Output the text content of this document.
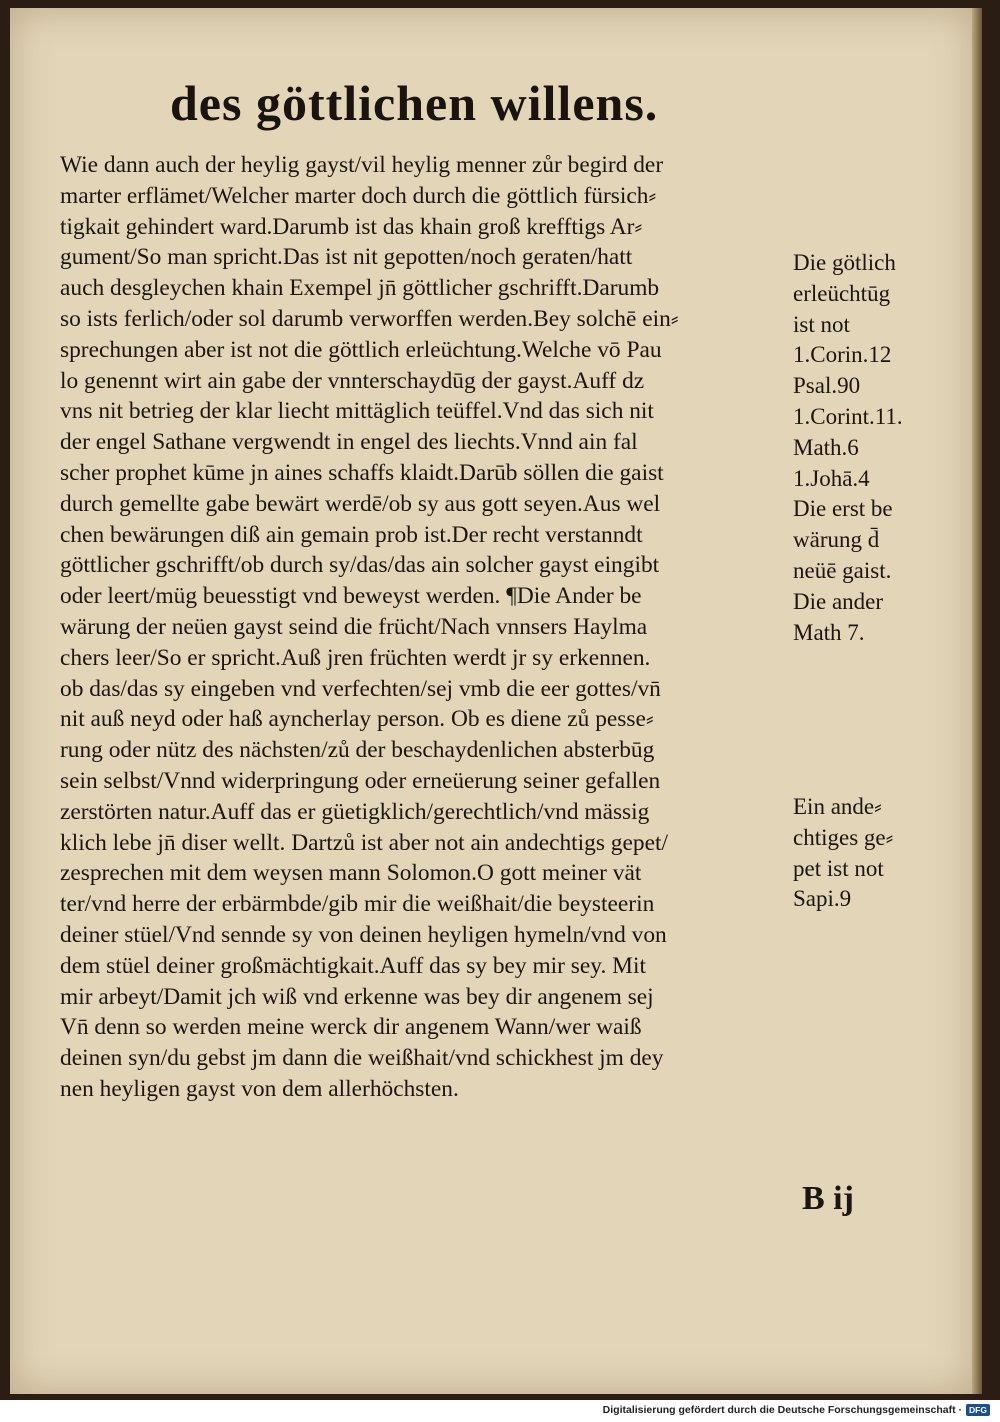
des göttlichen willens.
Wie dann auch der heylig gayst/vil heylig menner zůr begird der
marter erflämet/Welcher marter doch durch die göttlich fürsich⸗
tigkait gehindert ward.Darumb ist das khain groß krefftigs Ar⸗
gument/So man spricht.Das ist nit gepotten/noch geraten/hatt
auch desgleychen khain Exempel jn̄ göttlicher gschrifft.Darumb
so ists ferlich/oder sol darumb verworffen werden.Bey solchē ein⸗
sprechungen aber ist not die göttlich erleüchtung.Welche vō Pau
lo genennt wirt ain gabe der vnnterschaydūg der gayst.Auff dz
vns nit betrieg der klar liecht mittäglich teüffel.Vnd das sich nit
der engel Sathane vergwendt in engel des liechts.Vnnd ain fal
scher prophet kūme jn aines schaffs klaidt.Darūb söllen die gaist
durch gemellte gabe bewärt werdē/ob sy aus gott seyen.Aus wel
chen bewärungen diß ain gemain prob ist.Der recht verstanndt
göttlicher gschrifft/ob durch sy/das/das ain solcher gayst eingibt
oder leert/müg beuesstigt vnd beweyst werden. ¶Die Ander be
wärung der neüen gayst seind die frücht/Nach vnnsers Haylma
chers leer/So er spricht.Auß jren früchten werdt jr sy erkennen.
ob das/das sy eingeben vnd verfechten/sej vmb die eer gottes/vn̄
nit auß neyd oder haß ayncherlay person. Ob es diene zů pesse⸗
rung oder nütz des nächsten/zů der beschaydenlichen absterbūg
sein selbst/Vnnd widerpringung oder erneüerung seiner gefallen
zerstörten natur.Auff das er güetigklich/gerechtlich/vnd mässig
klich lebe jn̄ diser wellt. Dartzů ist aber not ain andechtigs gepet/
zesprechen mit dem weysen mann Solomon.O gott meiner vät
ter/vnd herre der erbärmbde/gib mir die weißhait/die beysteerin
deiner stüel/Vnd sennde sy von deinen heyligen hymeln/vnd von
dem stüel deiner großmächtigkait.Auff das sy bey mir sey. Mit
mir arbeyt/Damit jch wiß vnd erkenne was bey dir angenem sej
Vn̄ denn so werden meine werck dir angenem Wann/wer waiß
deinen syn/du gebst jm dann die weißhait/vnd schickhest jm dey
nen heyligen gayst von dem allerhöchsten.
Die götlich
erleüchtūg
ist not
1.Corin.12
Psal.90
1.Corint.11.
Math.6
1.Johā.4
Die erst be
wärung d̄
neüē gaist.
Die ander
Math 7.
Ein ande⸗
chtiges ge⸗
pet ist not
Sapi.9
B ij
Digitalisierung gefördert durch die Deutsche Forschungsgemeinschaft · DFG
